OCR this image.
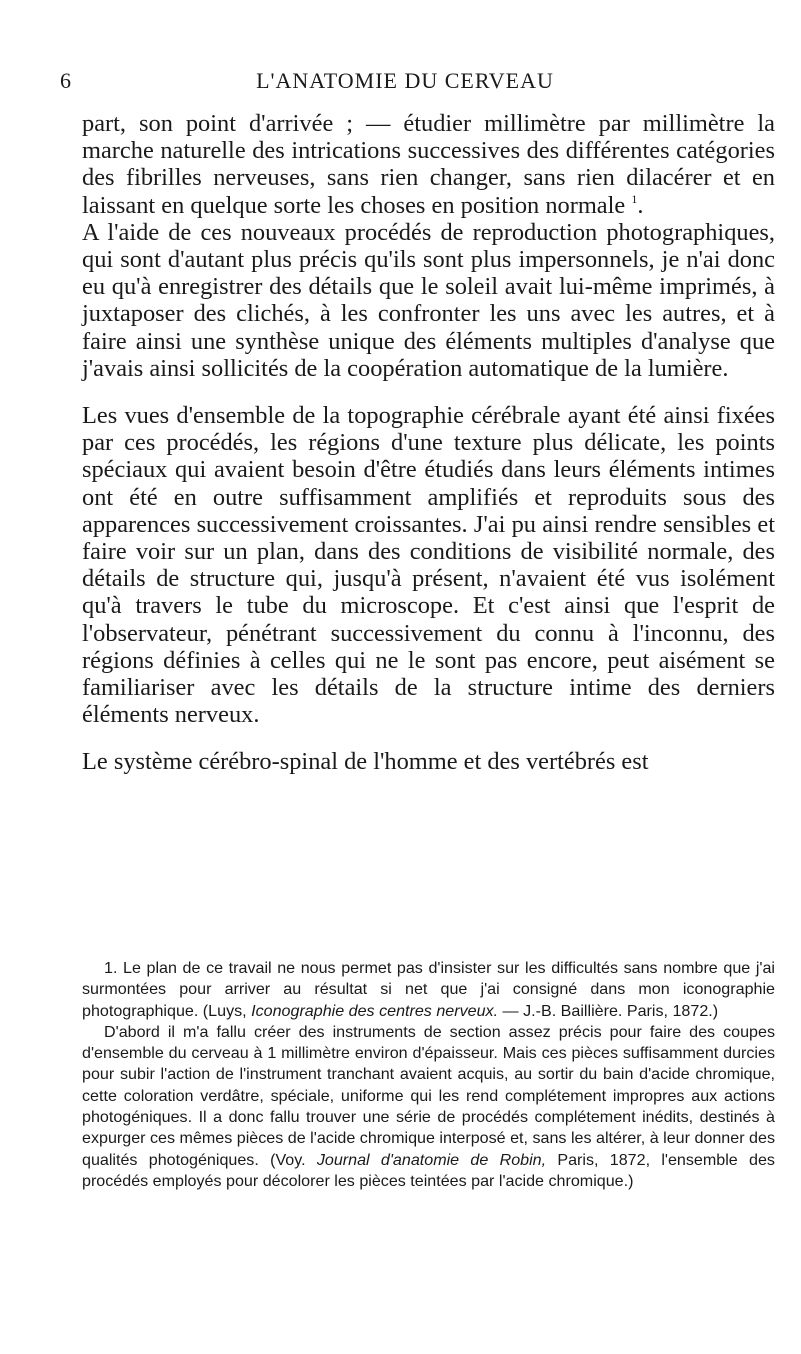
6	L'ANATOMIE DU CERVEAU

part, son point d'arrivée ; — étudier millimètre par millimètre la marche naturelle des intrications successives des différentes catégories des fibrilles nerveuses, sans rien changer, sans rien dilacérer et en laissant en quelque sorte les choses en position normale $^1$.

A l'aide de ces nouveaux procédés de reproduction photographiques, qui sont d'autant plus précis qu'ils sont plus impersonnels, je n'ai donc eu qu'à enregistrer des détails que le soleil avait lui-même imprimés, à juxtaposer des clichés, à les confronter les uns avec les autres, et à faire ainsi une synthèse unique des éléments multiples d'analyse que j'avais ainsi sollicités de la coopération automatique de la lumière.

Les vues d'ensemble de la topographie cérébrale ayant été ainsi fixées par ces procédés, les régions d'une texture plus délicate, les points spéciaux qui avaient besoin d'être étudiés dans leurs éléments intimes ont été en outre suffisamment amplifiés et reproduits sous des apparences successivement croissantes. J'ai pu ainsi rendre sensibles et faire voir sur un plan, dans des conditions de visibilité normale, des détails de structure qui, jusqu'à présent, n'avaient été vus isolément qu'à travers le tube du microscope. Et c'est ainsi que l'esprit de l'observateur, pénétrant successivement du connu à l'inconnu, des régions définies à celles qui ne le sont pas encore, peut aisément se familiariser avec les détails de la structure intime des derniers éléments nerveux.

Le système cérébro-spinal de l'homme et des vertébrés est

1. Le plan de ce travail ne nous permet pas d'insister sur les difficultés sans nombre que j'ai surmontées pour arriver au résultat si net que j'ai consigné dans mon iconographie photographique. (Luys, Iconographie des centres nerveux. — J.-B. Baillière. Paris, 1872.)

D'abord il m'a fallu créer des instruments de section assez précis pour faire des coupes d'ensemble du cerveau à 1 millimètre environ d'épaisseur. Mais ces pièces suffisamment durcies pour subir l'action de l'instrument tranchant avaient acquis, au sortir du bain d'acide chromique, cette coloration verdâtre, spéciale, uniforme qui les rend complétement impropres aux actions photogéniques. Il a donc fallu trouver une série de procédés complétement inédits, destinés à expurger ces mêmes pièces de l'acide chromique interposé et, sans les altérer, à leur donner des qualités photogéniques. (Voy. Journal d'anatomie de Robin, Paris, 1872, l'ensemble des procédés employés pour décolorer les pièces teintées par l'acide chromique.)
